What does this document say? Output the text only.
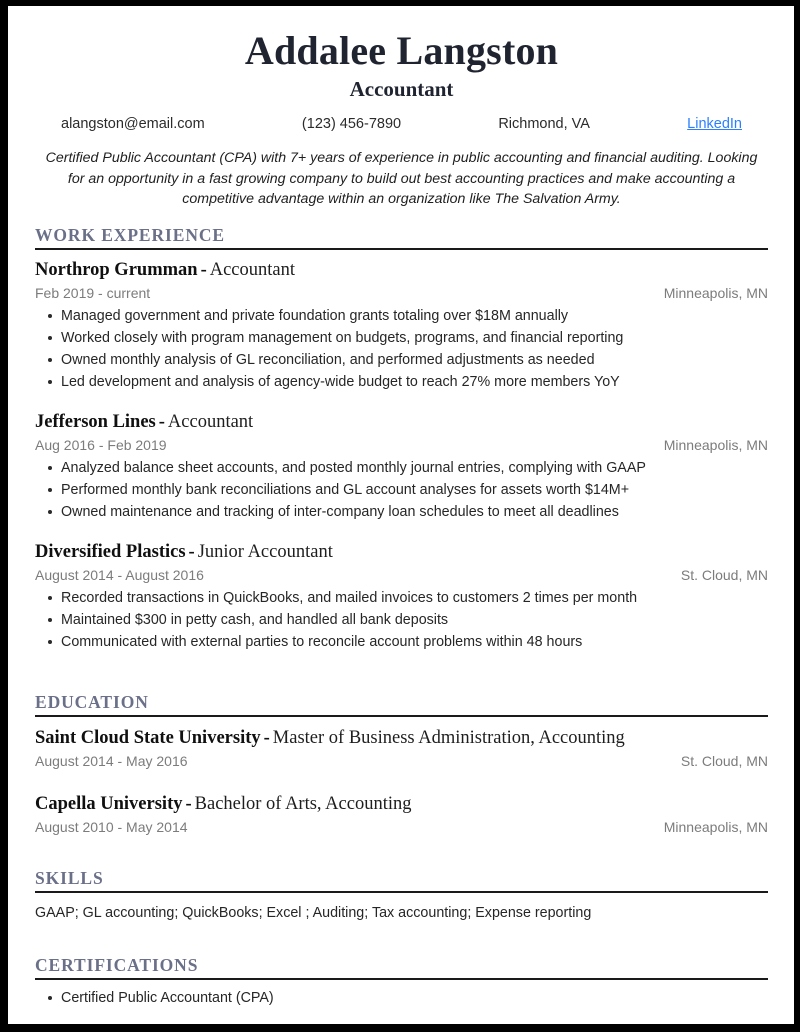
Addalee Langston
Accountant
alangston@email.com	(123) 456-7890	Richmond, VA	LinkedIn
Certified Public Accountant (CPA) with 7+ years of experience in public accounting and financial auditing. Looking for an opportunity in a fast growing company to build out best accounting practices and make accounting a competitive advantage within an organization like The Salvation Army.
WORK EXPERIENCE
Northrop Grumman - Accountant
Feb 2019 - current	Minneapolis, MN
Managed government and private foundation grants totaling over $18M annually
Worked closely with program management on budgets, programs, and financial reporting
Owned monthly analysis of GL reconciliation, and performed adjustments as needed
Led development and analysis of agency-wide budget to reach 27% more members YoY
Jefferson Lines - Accountant
Aug 2016 - Feb 2019	Minneapolis, MN
Analyzed balance sheet accounts, and posted monthly journal entries, complying with GAAP
Performed monthly bank reconciliations and GL account analyses for assets worth $14M+
Owned maintenance and tracking of inter-company loan schedules to meet all deadlines
Diversified Plastics - Junior Accountant
August 2014 - August 2016	St. Cloud, MN
Recorded transactions in QuickBooks, and mailed invoices to customers 2 times per month
Maintained $300 in petty cash, and handled all bank deposits
Communicated with external parties to reconcile account problems within 48 hours
EDUCATION
Saint Cloud State University - Master of Business Administration, Accounting
August 2014 - May 2016	St. Cloud, MN
Capella University - Bachelor of Arts, Accounting
August 2010 - May 2014	Minneapolis, MN
SKILLS
GAAP; GL accounting; QuickBooks; Excel ; Auditing; Tax accounting; Expense reporting
CERTIFICATIONS
Certified Public Accountant (CPA)
